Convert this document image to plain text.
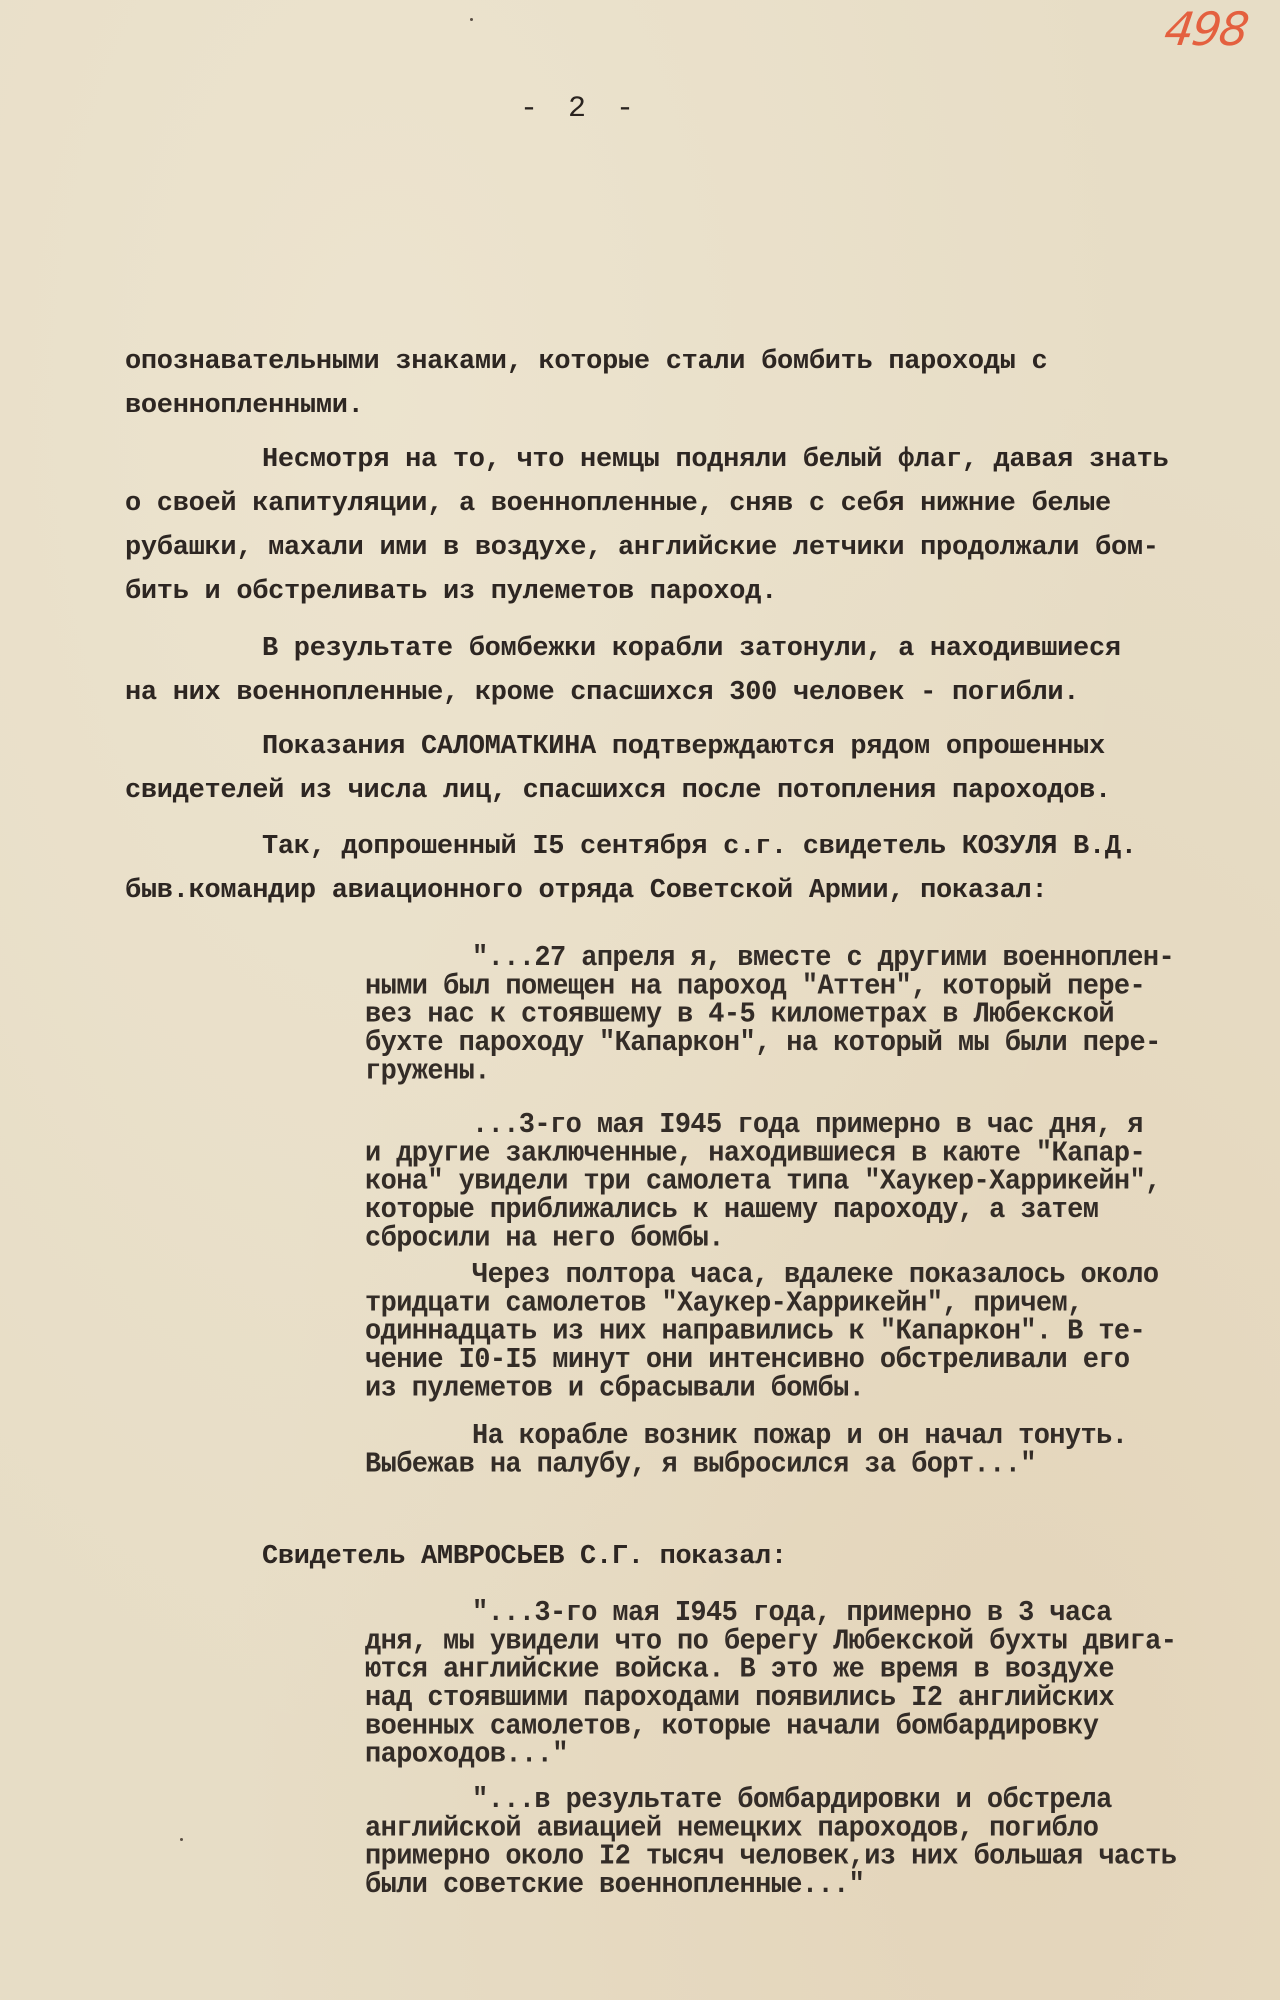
498
- 2 -

опознавательными знаками, которые стали бомбить пароходы с

военнопленными.

Несмотря на то, что немцы подняли белый флаг, давая знать

о своей капитуляции, а военнопленные, сняв с себя нижние белые

рубашки, махали ими в воздухе, английские летчики продолжали бом-

бить и обстреливать из пулеметов пароход.

В результате бомбежки корабли затонули, а находившиеся

на них военнопленные, кроме спасшихся 300 человек - погибли.

Показания САЛОМАТКИНА подтверждаются рядом опрошенных

свидетелей из числа лиц, спасшихся после потопления пароходов.

Так, допрошенный I5 сентября с.г. свидетель КОЗУЛЯ В.Д.

быв.командир авиационного отряда Советской Армии, показал:

"...27 апреля я, вместе с другими военноплен-

ными был помещен на пароход "Аттен", который пере-

вез нас к стоявшему в 4-5 километрах в Любекской

бухте пароходу "Капаркон", на который мы были пере-

гружены.

...3-го мая I945 года примерно в час дня, я

и другие заключенные, находившиеся в каюте "Капар-

кона" увидели три самолета типа "Хаукер-Харрикейн",

которые приближались к нашему пароходу, а затем

сбросили на него бомбы.

Через полтора часа, вдалеке показалось около

тридцати самолетов "Хаукер-Харрикейн", причем,

одиннадцать из них направились к "Капаркон". В те-

чение I0-I5 минут они интенсивно обстреливали его

из пулеметов и сбрасывали бомбы.

На корабле возник пожар и он начал тонуть.

Выбежав на палубу, я выбросился за борт..."

Свидетель АМВРОСЬЕВ С.Г. показал:

"...3-го мая I945 года, примерно в 3 часа

дня, мы увидели что по берегу Любекской бухты двига-

ются английские войска. В это же время в воздухе

над стоявшими пароходами появились I2 английских

военных самолетов, которые начали бомбардировку

пароходов..."

"...в результате бомбардировки и обстрела

английской авиацией немецких пароходов, погибло

примерно около I2 тысяч человек,из них большая часть

были советские военнопленные..."
